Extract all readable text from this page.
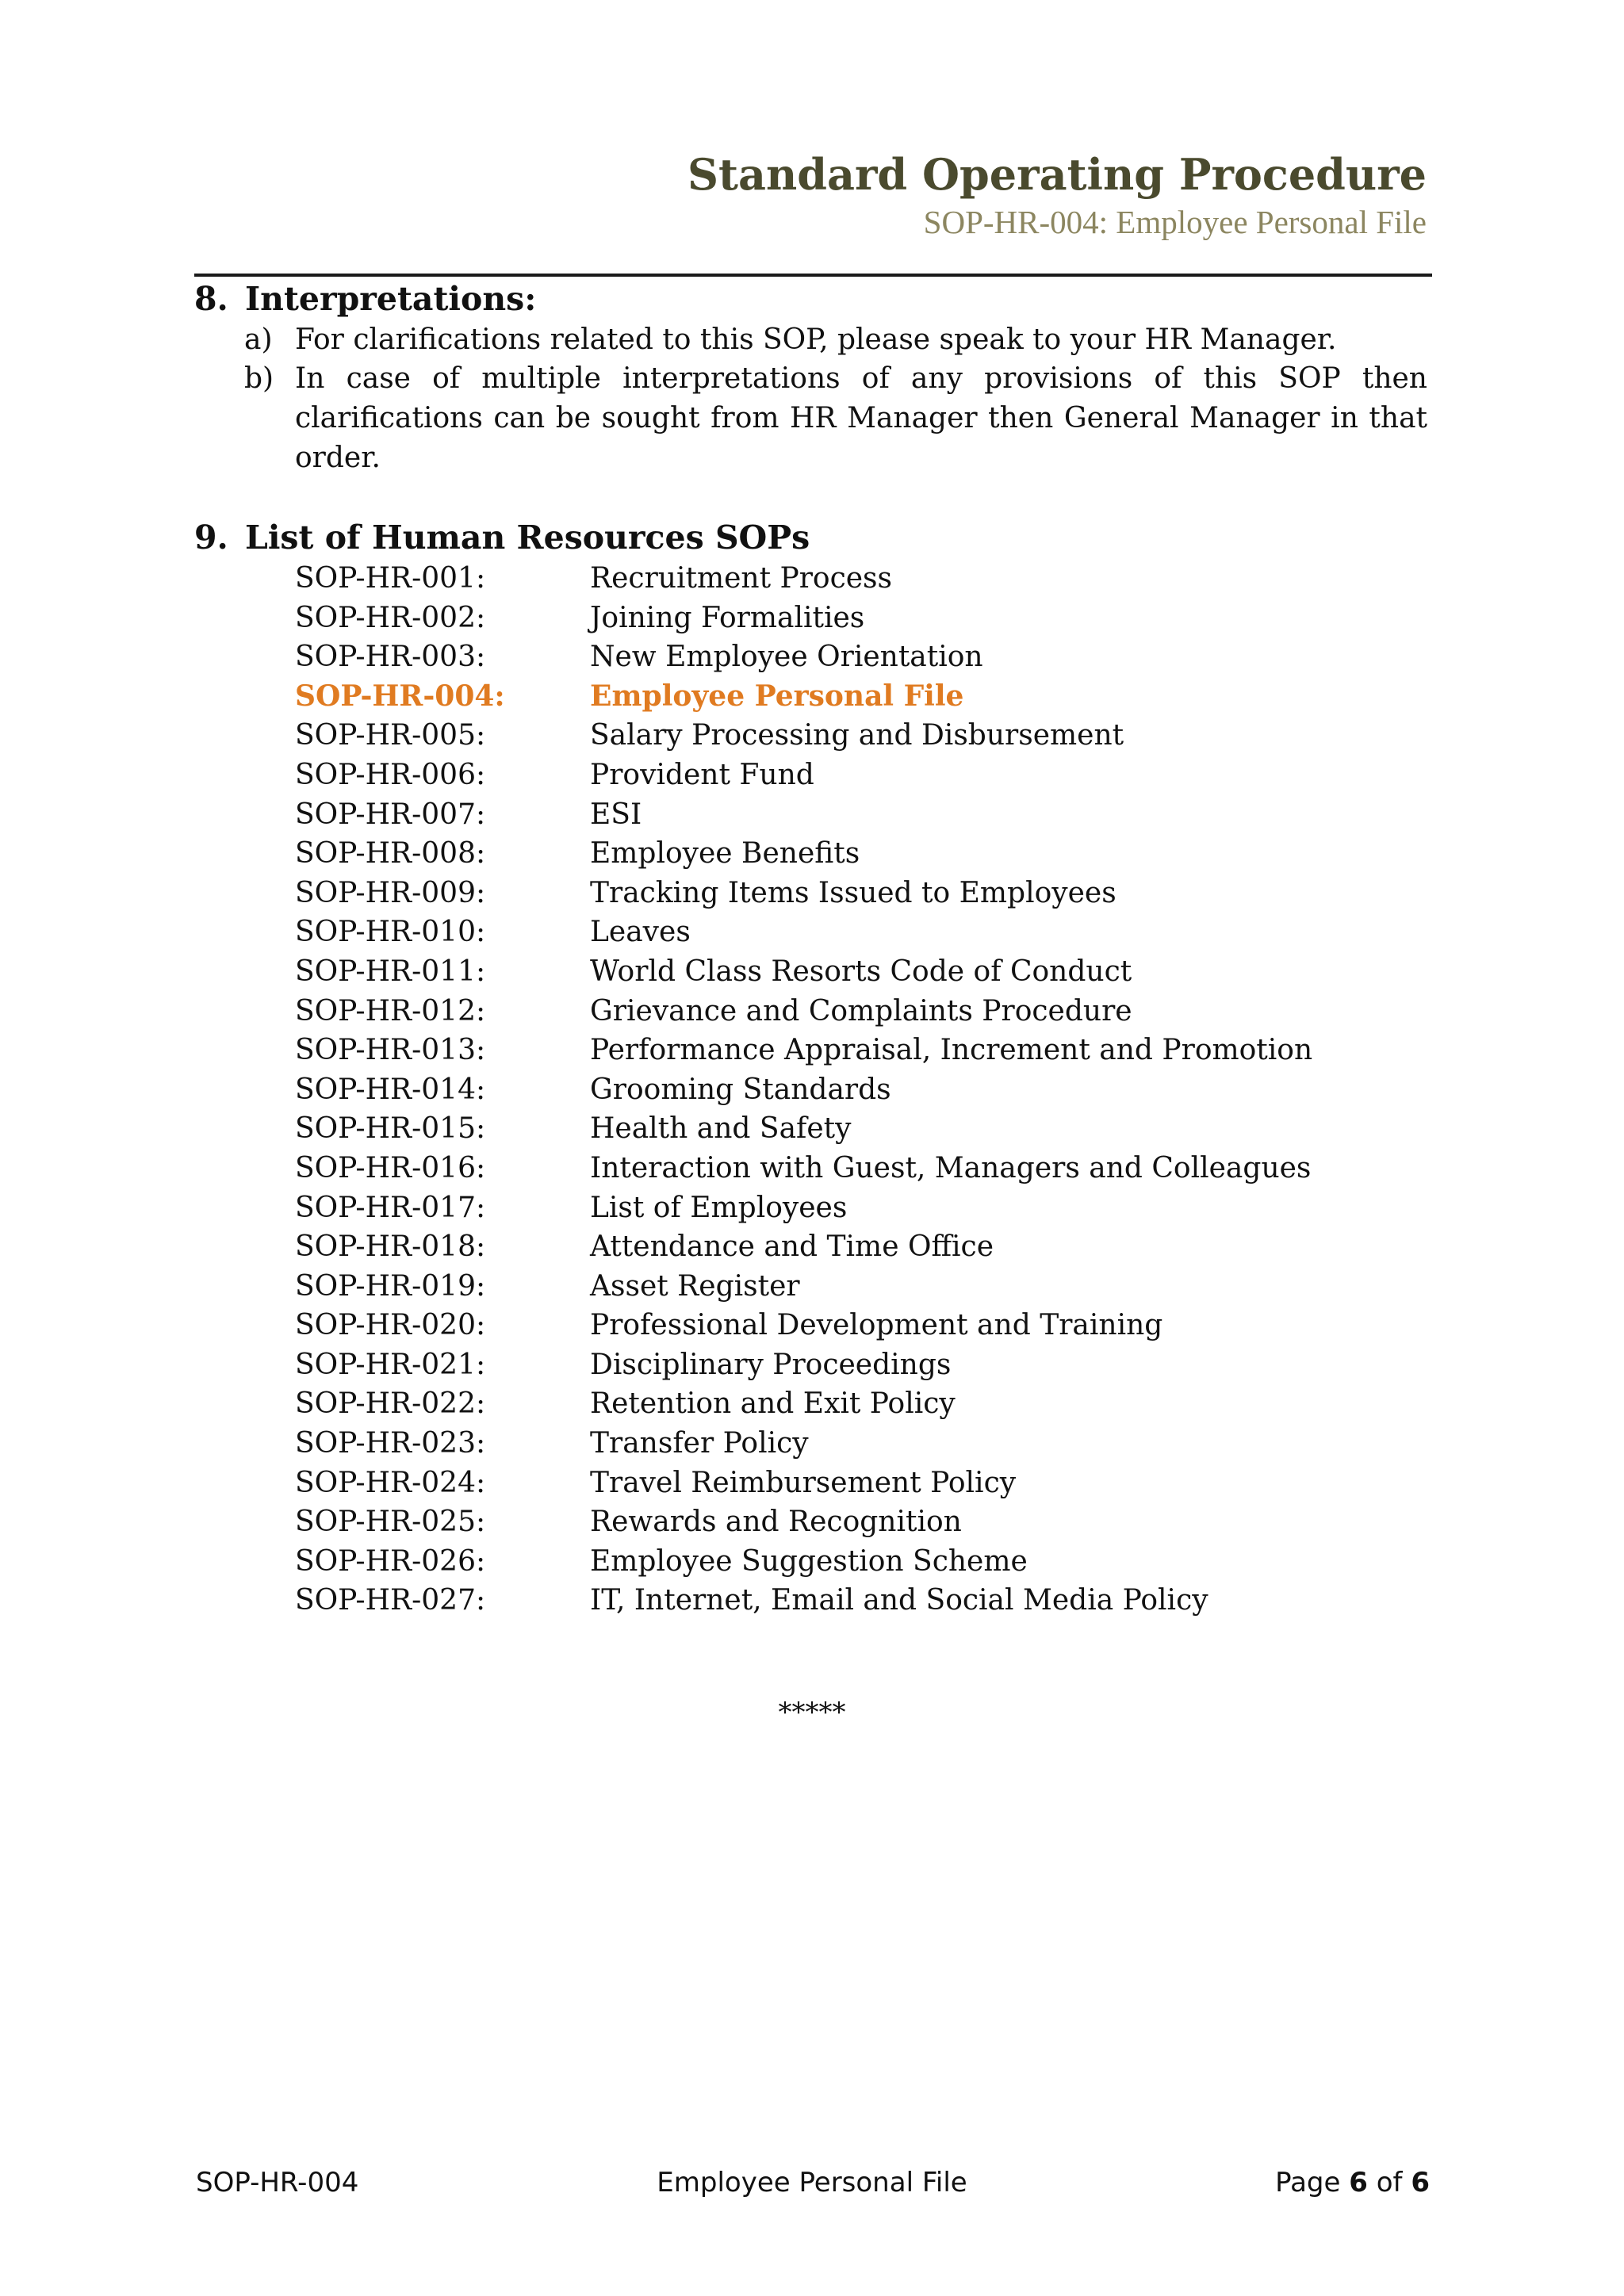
Standard Operating Procedure
SOP-HR-004: Employee Personal File
8. Interpretations:
a) For clarifications related to this SOP, please speak to your HR Manager.
b) In case of multiple interpretations of any provisions of this SOP then clarifications can be sought from HR Manager then General Manager in that order.
9. List of Human Resources SOPs
SOP-HR-001:	Recruitment Process
SOP-HR-002:	Joining Formalities
SOP-HR-003:	New Employee Orientation
SOP-HR-004:	Employee Personal File
SOP-HR-005:	Salary Processing and Disbursement
SOP-HR-006:	Provident Fund
SOP-HR-007:	ESI
SOP-HR-008:	Employee Benefits
SOP-HR-009:	Tracking Items Issued to Employees
SOP-HR-010:	Leaves
SOP-HR-011:	World Class Resorts Code of Conduct
SOP-HR-012:	Grievance and Complaints Procedure
SOP-HR-013:	Performance Appraisal, Increment and Promotion
SOP-HR-014:	Grooming Standards
SOP-HR-015:	Health and Safety
SOP-HR-016:	Interaction with Guest, Managers and Colleagues
SOP-HR-017:	List of Employees
SOP-HR-018:	Attendance and Time Office
SOP-HR-019:	Asset Register
SOP-HR-020:	Professional Development and Training
SOP-HR-021:	Disciplinary Proceedings
SOP-HR-022:	Retention and Exit Policy
SOP-HR-023:	Transfer Policy
SOP-HR-024:	Travel Reimbursement Policy
SOP-HR-025:	Rewards and Recognition
SOP-HR-026:	Employee Suggestion Scheme
SOP-HR-027:	IT, Internet, Email and Social Media Policy
*****
SOP-HR-004	Employee Personal File	Page 6 of 6
